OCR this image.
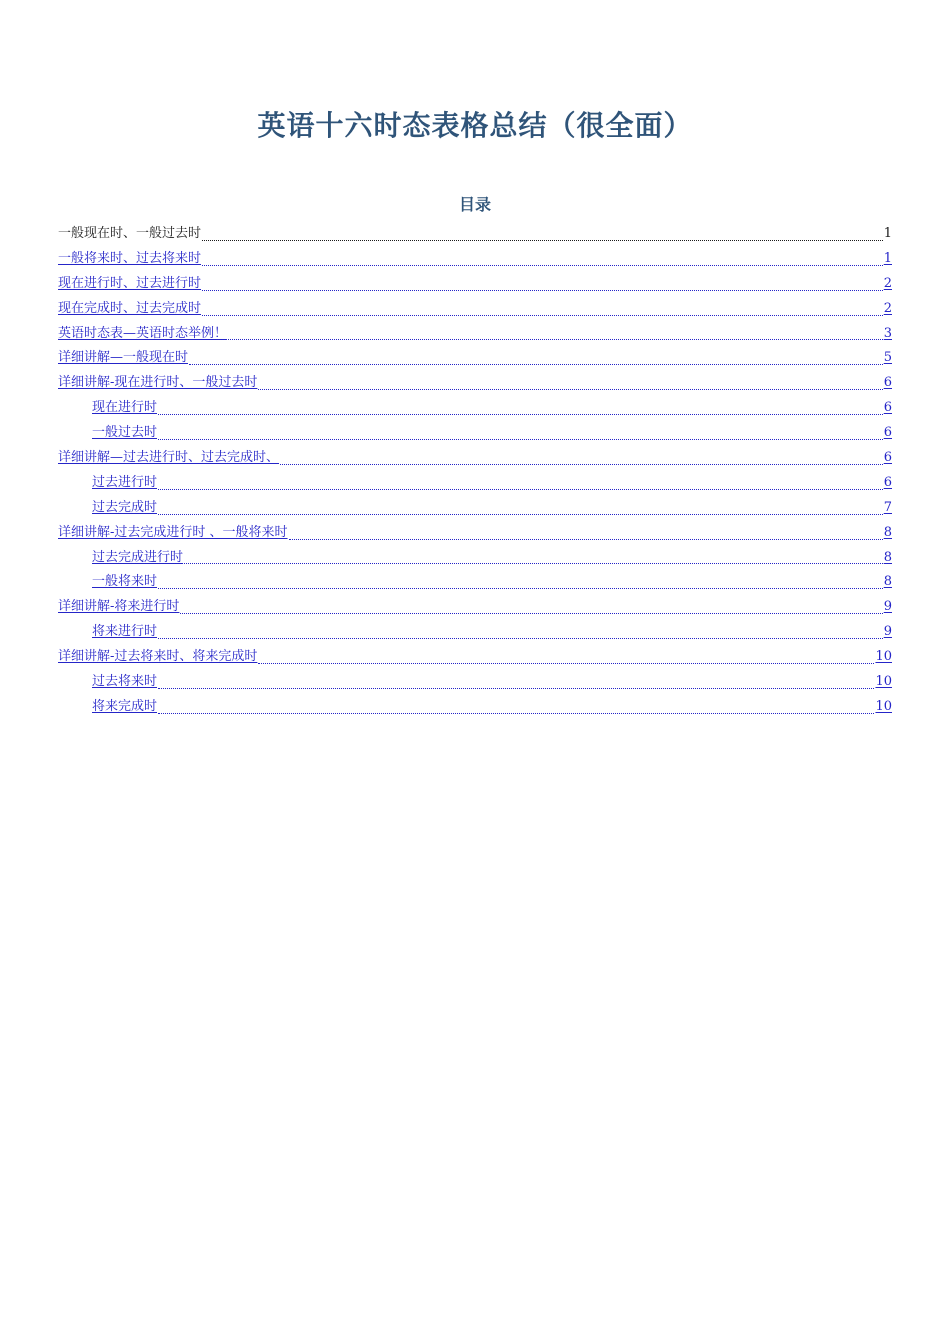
英语十六时态表格总结（很全面）
目录
一般现在时、一般过去时	1
一般将来时、过去将来时	1
现在进行时、过去进行时	2
现在完成时、过去完成时	2
英语时态表—英语时态举例！	3
详细讲解—一般现在时	5
详细讲解-现在进行时、一般过去时	6
现在进行时	6
一般过去时	6
详细讲解—过去进行时、过去完成时、	6
过去进行时	6
过去完成时	7
详细讲解-过去完成进行时 、一般将来时	8
过去完成进行时	8
一般将来时	8
详细讲解-将来进行时	9
将来进行时	9
详细讲解-过去将来时、将来完成时	10
过去将来时	10
将来完成时	10
